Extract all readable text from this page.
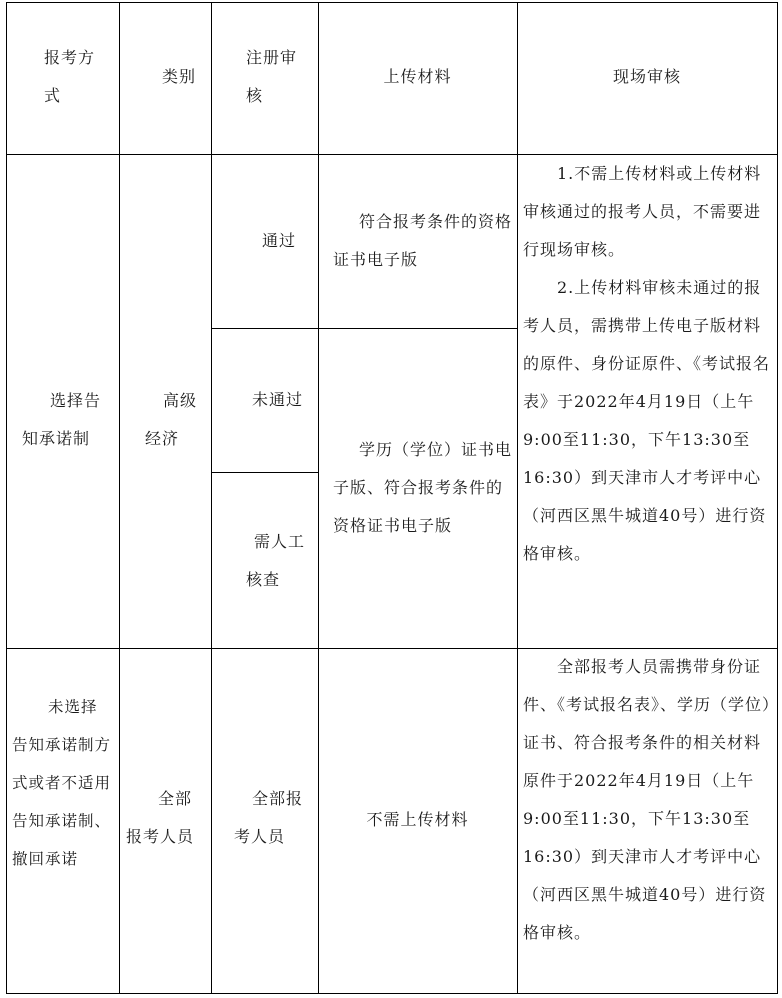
报考方式
类别
注册审核
上传材料	现场审核
选择告知承诺制
高级经济
通过
未通过
需人工核查
符合报考条件的资格证书电子版
学历（学位）证书电子版、符合报考条件的资格证书电子版

1.不需上传材料或上传材料审核通过的报考人员，不需要进行现场审核。

2.上传材料审核未通过的报考人员，需携带上传电子版材料的原件、身份证原件、《考试报名表》于2022年4月19日（上午9:00至11:30，下午13:30至16:30）到天津市人才考评中心（河西区黑牛城道40号）进行资格审核。

未选择告知承诺制方式或者不适用告知承诺制、撤回承诺
全部报考人员
全部报考人员
不需上传材料
全部报考人员需携带身份证件、《考试报名表》、学历（学位）证书、符合报考条件的相关材料原件于2022年4月19日（上午9:00至11:30，下午13:30至16:30）到天津市人才考评中心（河西区黑牛城道40号）进行资格审核。
